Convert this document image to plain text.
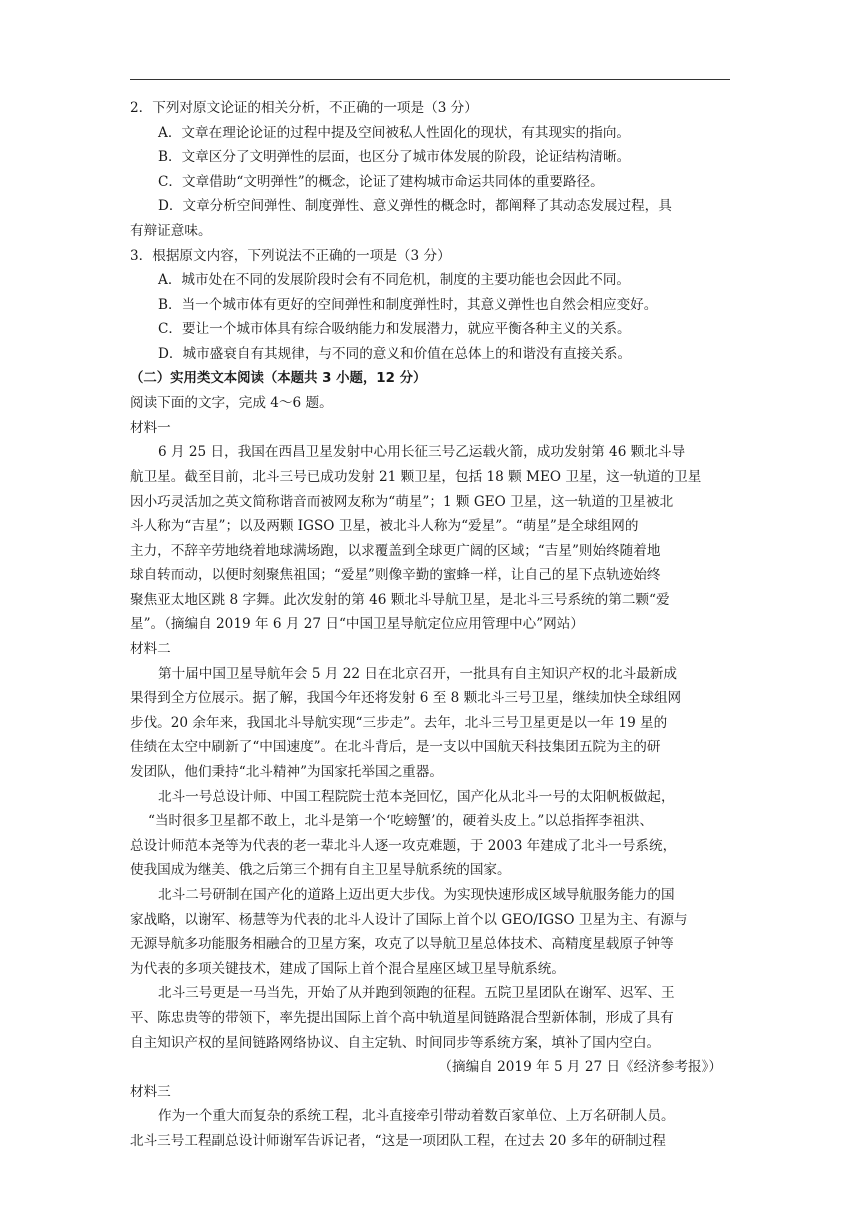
2．下列对原文论证的相关分析，不正确的一项是（3 分）
A．文章在理论论证的过程中提及空间被私人性固化的现状，有其现实的指向。
B．文章区分了文明弹性的层面，也区分了城市体发展的阶段，论证结构清晰。
C．文章借助“文明弹性”的概念，论证了建构城市命运共同体的重要路径。
D．文章分析空间弹性、制度弹性、意义弹性的概念时，都阐释了其动态发展过程，具
有辩证意味。
3．根据原文内容，下列说法不正确的一项是（3 分）
A．城市处在不同的发展阶段时会有不同危机，制度的主要功能也会因此不同。
B．当一个城市体有更好的空间弹性和制度弹性时，其意义弹性也自然会相应变好。
C．要让一个城市体具有综合吸纳能力和发展潜力，就应平衡各种主义的关系。
D．城市盛衰自有其规律，与不同的意义和价值在总体上的和谐没有直接关系。
（二）实用类文本阅读（本题共 3 小题，12 分）
阅读下面的文字，完成 4～6 题。
材料一
6 月 25 日，我国在西昌卫星发射中心用长征三号乙运载火箭，成功发射第 46 颗北斗导
航卫星。截至目前，北斗三号已成功发射 21 颗卫星，包括 18 颗 MEO 卫星，这一轨道的卫星
因小巧灵活加之英文简称谐音而被网友称为“萌星”；1 颗 GEO 卫星，这一轨道的卫星被北
斗人称为“吉星”；以及两颗 IGSO 卫星，被北斗人称为“爱星”。“萌星”是全球组网的
主力，不辞辛劳地绕着地球满场跑，以求覆盖到全球更广阔的区域；“吉星”则始终随着地
球自转而动，以便时刻聚焦祖国；“爱星”则像辛勤的蜜蜂一样，让自己的星下点轨迹始终
聚焦亚太地区跳 8 字舞。此次发射的第 46 颗北斗导航卫星，是北斗三号系统的第二颗“爱
星”。（摘编自 2019 年 6 月 27 日“中国卫星导航定位应用管理中心”网站）
材料二
第十届中国卫星导航年会 5 月 22 日在北京召开，一批具有自主知识产权的北斗最新成
果得到全方位展示。据了解，我国今年还将发射 6 至 8 颗北斗三号卫星，继续加快全球组网
步伐。20 余年来，我国北斗导航实现“三步走”。去年，北斗三号卫星更是以一年 19 星的
佳绩在太空中刷新了“中国速度”。在北斗背后，是一支以中国航天科技集团五院为主的研
发团队，他们秉持“北斗精神”为国家托举国之重器。
北斗一号总设计师、中国工程院院士范本尧回忆，国产化从北斗一号的太阳帆板做起，
“当时很多卫星都不敢上，北斗是第一个‘吃螃蟹’的，硬着头皮上。”以总指挥李祖洪、
总设计师范本尧等为代表的老一辈北斗人逐一攻克难题，于 2003 年建成了北斗一号系统，
使我国成为继美、俄之后第三个拥有自主卫星导航系统的国家。
北斗二号研制在国产化的道路上迈出更大步伐。为实现快速形成区域导航服务能力的国
家战略，以谢军、杨慧等为代表的北斗人设计了国际上首个以 GEO/IGSO 卫星为主、有源与
无源导航多功能服务相融合的卫星方案，攻克了以导航卫星总体技术、高精度星载原子钟等
为代表的多项关键技术，建成了国际上首个混合星座区域卫星导航系统。
北斗三号更是一马当先，开始了从并跑到领跑的征程。五院卫星团队在谢军、迟军、王
平、陈忠贵等的带领下，率先提出国际上首个高中轨道星间链路混合型新体制，形成了具有
自主知识产权的星间链路网络协议、自主定轨、时间同步等系统方案，填补了国内空白。
（摘编自 2019 年 5 月 27 日《经济参考报》）
材料三
作为一个重大而复杂的系统工程，北斗直接牵引带动着数百家单位、上万名研制人员。
北斗三号工程副总设计师谢军告诉记者，“这是一项团队工程，在过去 20 多年的研制过程
